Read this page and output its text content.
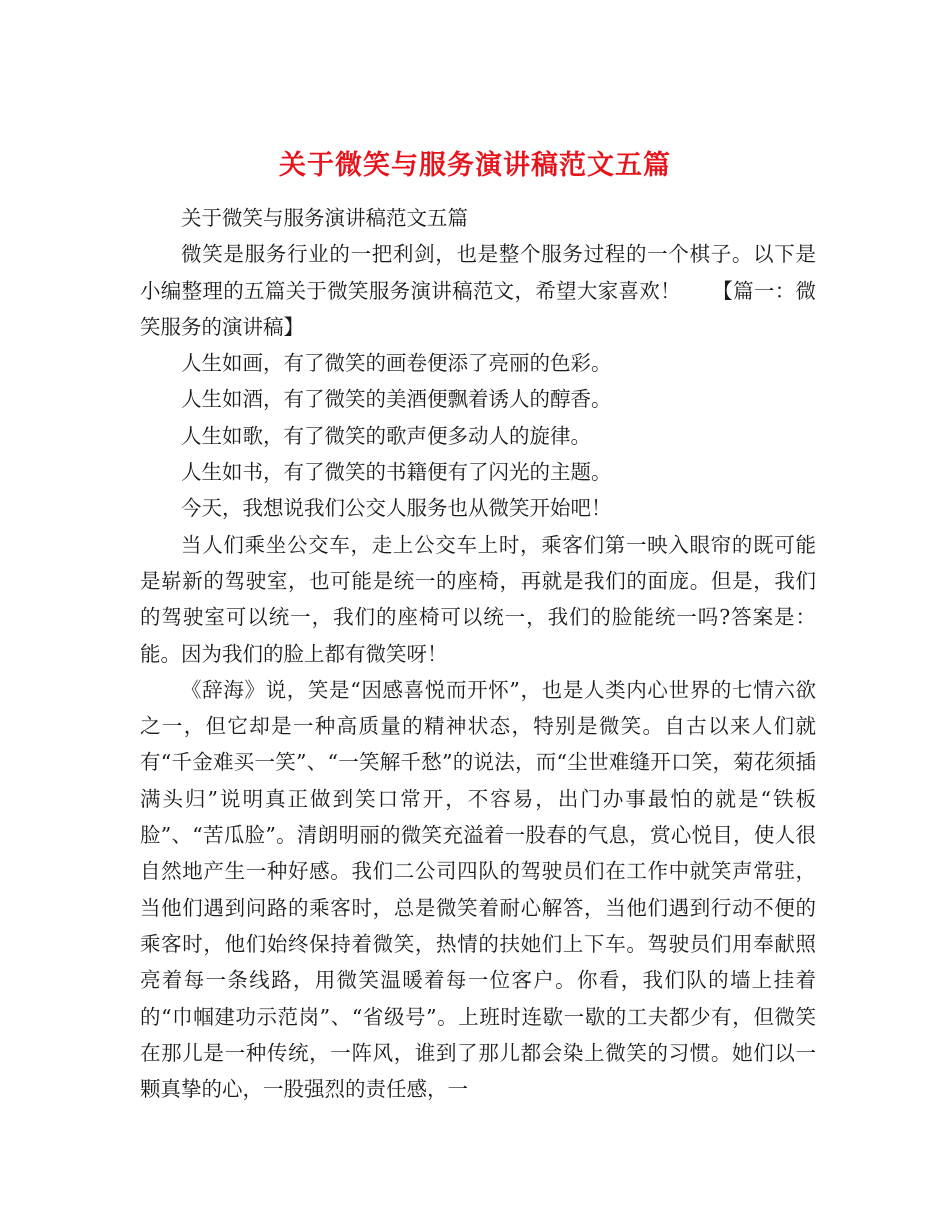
关于微笑与服务演讲稿范文五篇

关于微笑与服务演讲稿范文五篇

微笑是服务行业的一把利剑，也是整个服务过程的一个棋子。以下是小编整理的五篇关于微笑服务演讲稿范文，希望大家喜欢！　　【篇一：微笑服务的演讲稿】

人生如画，有了微笑的画卷便添了亮丽的色彩。

人生如酒，有了微笑的美酒便飘着诱人的醇香。

人生如歌，有了微笑的歌声便多动人的旋律。

人生如书，有了微笑的书籍便有了闪光的主题。

今天，我想说我们公交人服务也从微笑开始吧！

当人们乘坐公交车，走上公交车上时，乘客们第一映入眼帘的既可能是崭新的驾驶室，也可能是统一的座椅，再就是我们的面庞。但是，我们的驾驶室可以统一，我们的座椅可以统一，我们的脸能统一吗?答案是：能。因为我们的脸上都有微笑呀！

《辞海》说，笑是“因感喜悦而开怀”，也是人类内心世界的七情六欲之一，但它却是一种高质量的精神状态，特别是微笑。自古以来人们就有“千金难买一笑”、“一笑解千愁”的说法，而“尘世难缝开口笑，菊花须插满头归”说明真正做到笑口常开，不容易，出门办事最怕的就是“铁板脸”、“苦瓜脸”。清朗明丽的微笑充溢着一股春的气息，赏心悦目，使人很自然地产生一种好感。我们二公司四队的驾驶员们在工作中就笑声常驻，当他们遇到问路的乘客时，总是微笑着耐心解答，当他们遇到行动不便的乘客时，他们始终保持着微笑，热情的扶她们上下车。驾驶员们用奉献照亮着每一条线路，用微笑温暖着每一位客户。你看，我们队的墙上挂着的“巾帼建功示范岗”、“省级号”。上班时连歇一歇的工夫都少有，但微笑在那儿是一种传统，一阵风，谁到了那儿都会染上微笑的习惯。她们以一颗真挚的心，一股强烈的责任感，一
